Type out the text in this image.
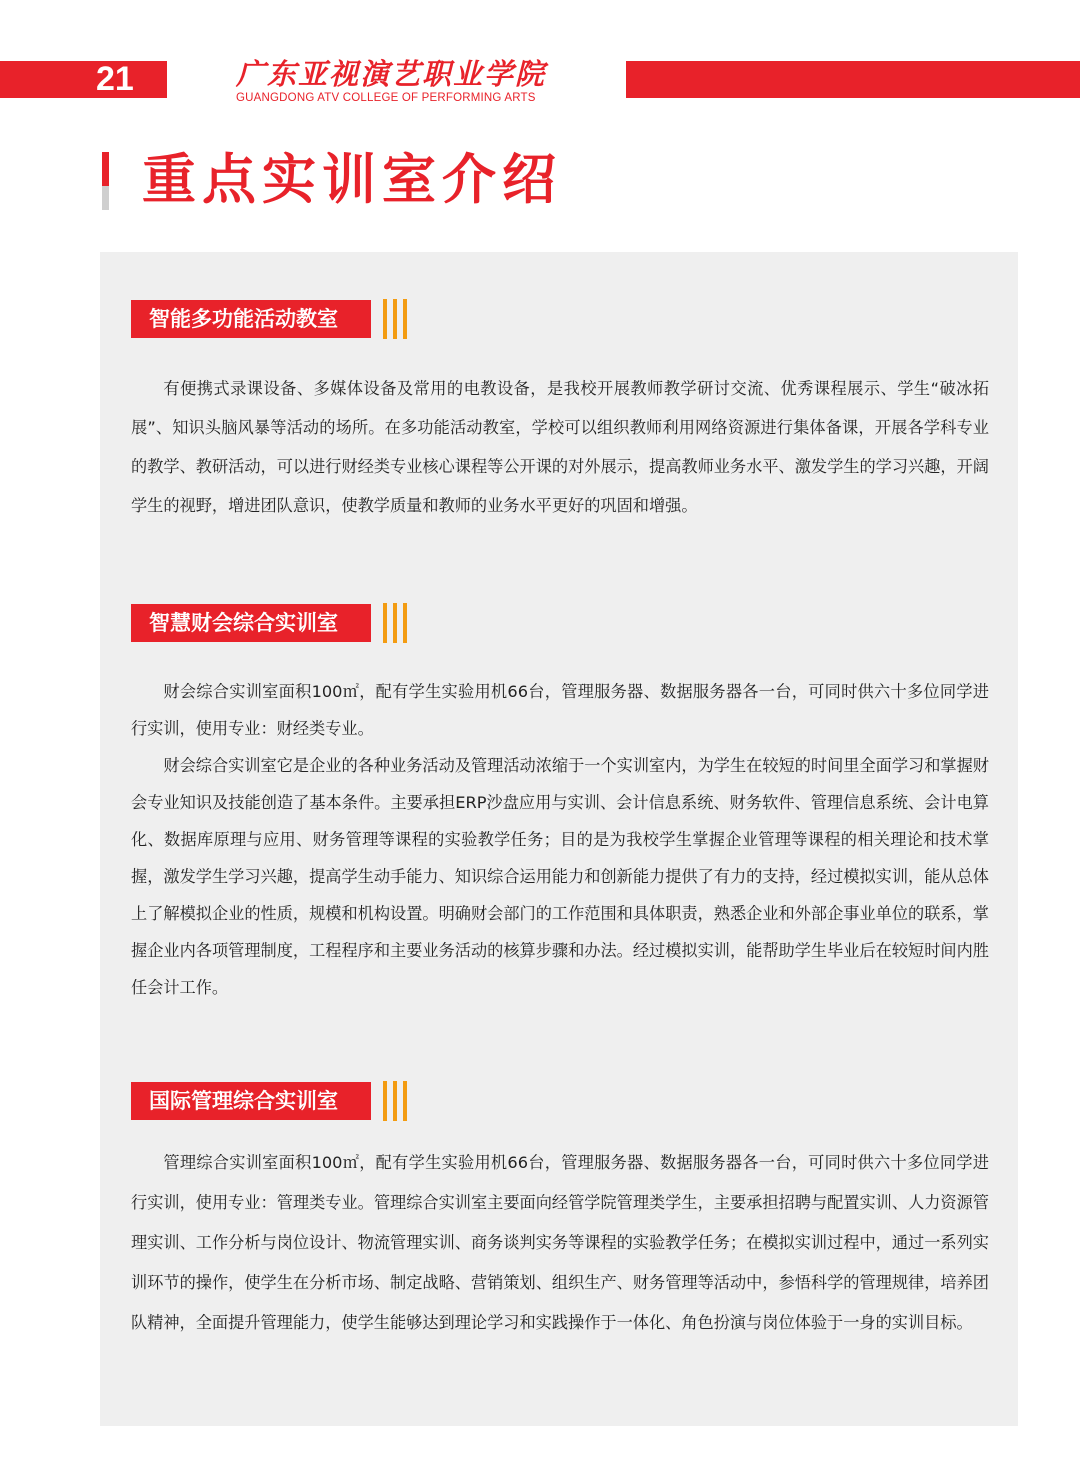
21	广东亚视演艺职业学院
GUANGDONG ATV COLLEGE OF PERFORMING ARTS
重点实训室介绍
智能多功能活动教室

有便携式录课设备、多媒体设备及常用的电教设备，是我校开展教师教学研讨交流、优秀课程展示、学生“破冰拓展”、知识头脑风暴等活动的场所。在多功能活动教室，学校可以组织教师利用网络资源进行集体备课，开展各学科专业的教学、教研活动，可以进行财经类专业核心课程等公开课的对外展示，提高教师业务水平、激发学生的学习兴趣，开阔学生的视野，增进团队意识，使教学质量和教师的业务水平更好的巩固和增强。

智慧财会综合实训室

财会综合实训室面积100㎡，配有学生实验用机66台，管理服务器、数据服务器各一台，可同时供六十多位同学进行实训，使用专业：财经类专业。

财会综合实训室它是企业的各种业务活动及管理活动浓缩于一个实训室内，为学生在较短的时间里全面学习和掌握财会专业知识及技能创造了基本条件。主要承担ERP沙盘应用与实训、会计信息系统、财务软件、管理信息系统、会计电算化、数据库原理与应用、财务管理等课程的实验教学任务；目的是为我校学生掌握企业管理等课程的相关理论和技术掌握，激发学生学习兴趣，提高学生动手能力、知识综合运用能力和创新能力提供了有力的支持，经过模拟实训，能从总体上了解模拟企业的性质，规模和机构设置。明确财会部门的工作范围和具体职责，熟悉企业和外部企事业单位的联系，掌握企业内各项管理制度，工程程序和主要业务活动的核算步骤和办法。经过模拟实训，能帮助学生毕业后在较短时间内胜任会计工作。

国际管理综合实训室

管理综合实训室面积100㎡，配有学生实验用机66台，管理服务器、数据服务器各一台，可同时供六十多位同学进行实训，使用专业：管理类专业。管理综合实训室主要面向经管学院管理类学生，主要承担招聘与配置实训、人力资源管理实训、工作分析与岗位设计、物流管理实训、商务谈判实务等课程的实验教学任务；在模拟实训过程中，通过一系列实训环节的操作，使学生在分析市场、制定战略、营销策划、组织生产、财务管理等活动中，参悟科学的管理规律，培养团队精神，全面提升管理能力，使学生能够达到理论学习和实践操作于一体化、角色扮演与岗位体验于一身的实训目标。
